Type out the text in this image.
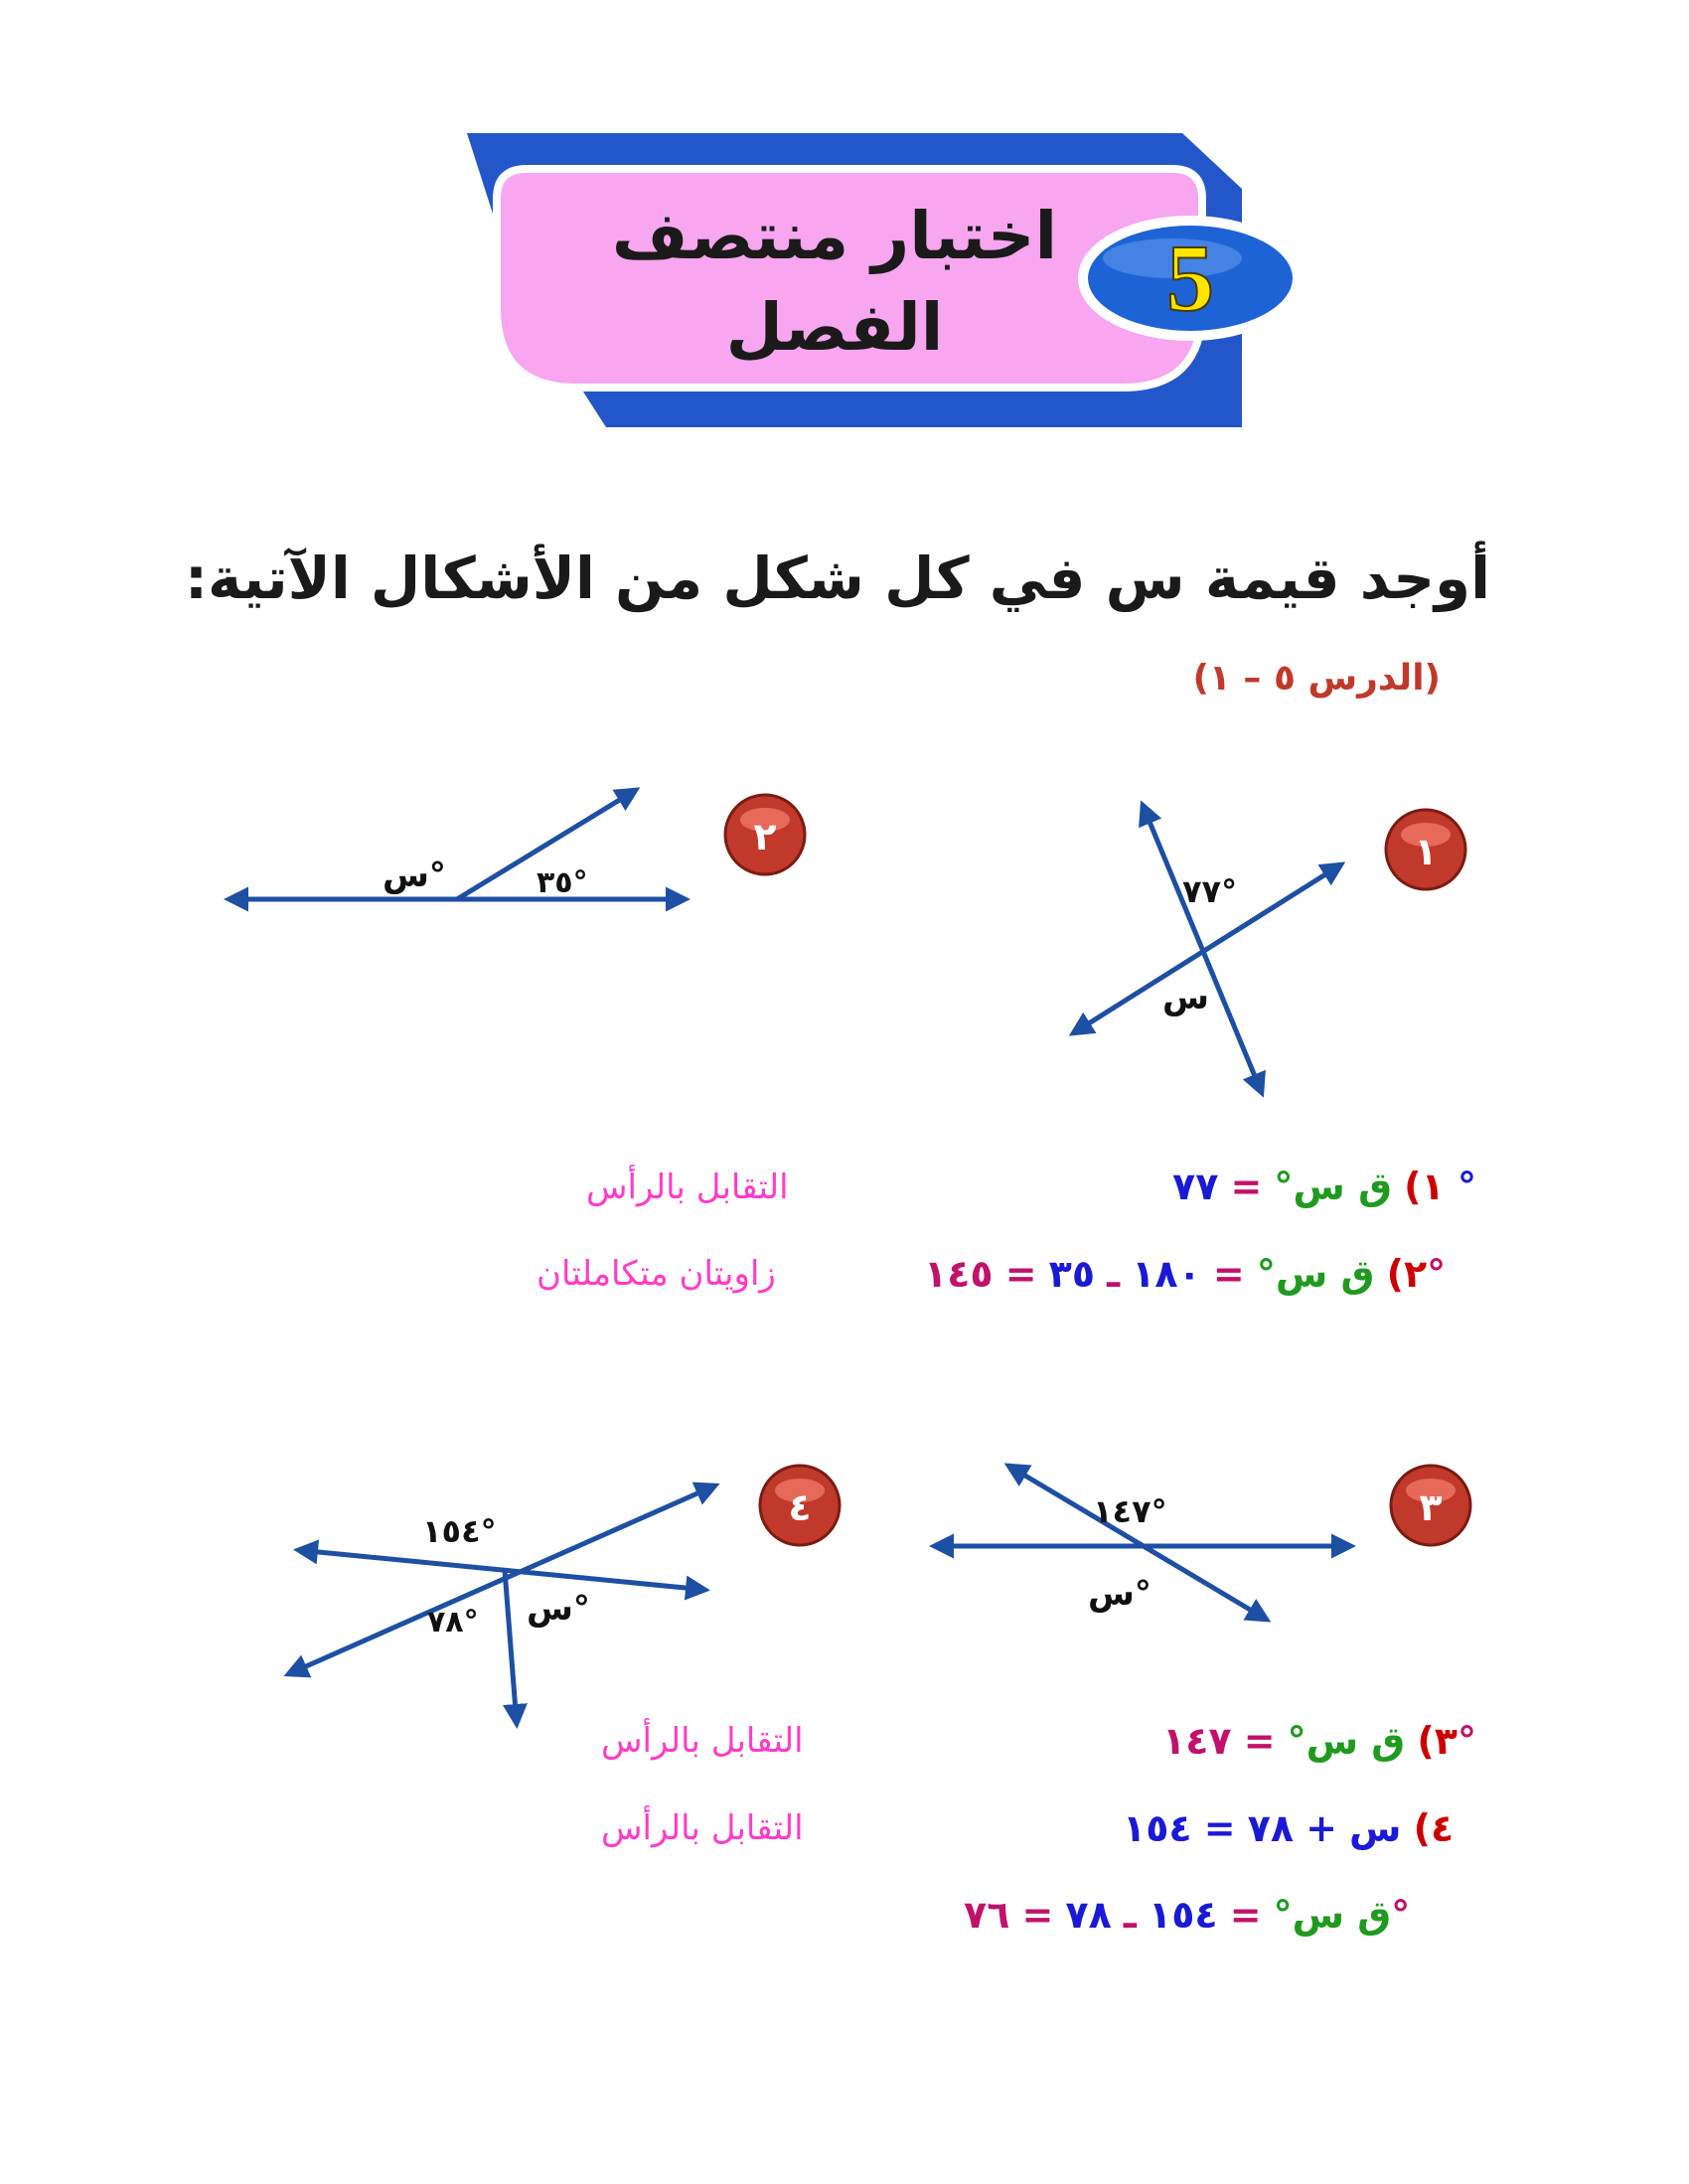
5
اختبار منتصف
الفصل
أوجد قيمة س في كل شكل من الأشكال الآتية:
(الدرس ٥ – ١)
١
٧٧°
س
٢
٣٥°
س°
١) ق س° = ٧٧ °
التقابل بالرأس
٢) ق س° = ١٨٠ ـ ٣٥ = ١٤٥°
زاويتان متكاملتان
٣
١٤٧°
س°
٤
١٥٤°
٧٨° س°
٣) ق س° = ١٤٧°
التقابل بالرأس
٤) س + ٧٨ = ١٥٤
التقابل بالرأس
ق س° = ١٥٤ ـ ٧٨ = ٧٦°
